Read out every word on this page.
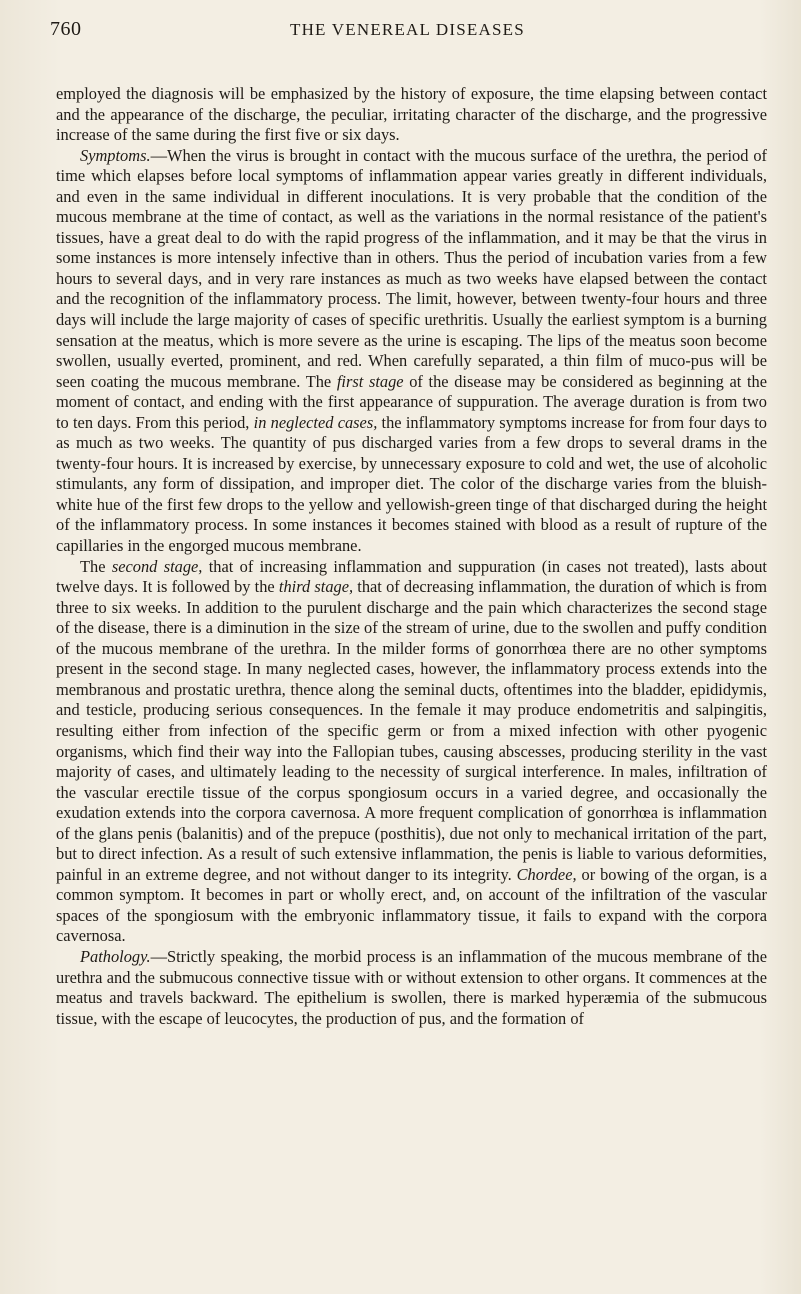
760	THE VENEREAL DISEASES

employed the diagnosis will be emphasized by the history of exposure, the time elapsing between contact and the appearance of the discharge, the peculiar, irritating character of the discharge, and the progressive increase of the same during the first five or six days.

Symptoms.—When the virus is brought in contact with the mucous surface of the urethra, the period of time which elapses before local symptoms of inflammation appear varies greatly in different individuals, and even in the same individual in different inoculations. It is very probable that the condition of the mucous membrane at the time of contact, as well as the variations in the normal resistance of the patient's tissues, have a great deal to do with the rapid progress of the inflammation, and it may be that the virus in some instances is more intensely infective than in others. Thus the period of incubation varies from a few hours to several days, and in very rare instances as much as two weeks have elapsed between the contact and the recognition of the inflammatory process. The limit, however, between twenty-four hours and three days will include the large majority of cases of specific urethritis. Usually the earliest symptom is a burning sensation at the meatus, which is more severe as the urine is escaping. The lips of the meatus soon become swollen, usually everted, prominent, and red. When carefully separated, a thin film of muco-pus will be seen coating the mucous membrane. The first stage of the disease may be considered as beginning at the moment of contact, and ending with the first appearance of suppuration. The average duration is from two to ten days. From this period, in neglected cases, the inflammatory symptoms increase for from four days to as much as two weeks. The quantity of pus discharged varies from a few drops to several drams in the twenty-four hours. It is increased by exercise, by unnecessary exposure to cold and wet, the use of alcoholic stimulants, any form of dissipation, and improper diet. The color of the discharge varies from the bluish-white hue of the first few drops to the yellow and yellowish-green tinge of that discharged during the height of the inflammatory process. In some instances it becomes stained with blood as a result of rupture of the capillaries in the engorged mucous membrane.

The second stage, that of increasing inflammation and suppuration (in cases not treated), lasts about twelve days. It is followed by the third stage, that of decreasing inflammation, the duration of which is from three to six weeks. In addition to the purulent discharge and the pain which characterizes the second stage of the disease, there is a diminution in the size of the stream of urine, due to the swollen and puffy condition of the mucous membrane of the urethra. In the milder forms of gonorrhœa there are no other symptoms present in the second stage. In many neglected cases, however, the inflammatory process extends into the membranous and prostatic urethra, thence along the seminal ducts, oftentimes into the bladder, epididymis, and testicle, producing serious consequences. In the female it may produce endometritis and salpingitis, resulting either from infection of the specific germ or from a mixed infection with other pyogenic organisms, which find their way into the Fallopian tubes, causing abscesses, producing sterility in the vast majority of cases, and ultimately leading to the necessity of surgical interference. In males, infiltration of the vascular erectile tissue of the corpus spongiosum occurs in a varied degree, and occasionally the exudation extends into the corpora cavernosa. A more frequent complication of gonorrhœa is inflammation of the glans penis (balanitis) and of the prepuce (posthitis), due not only to mechanical irritation of the part, but to direct infection. As a result of such extensive inflammation, the penis is liable to various deformities, painful in an extreme degree, and not without danger to its integrity. Chordee, or bowing of the organ, is a common symptom. It becomes in part or wholly erect, and, on account of the infiltration of the vascular spaces of the spongiosum with the embryonic inflammatory tissue, it fails to expand with the corpora cavernosa.

Pathology.—Strictly speaking, the morbid process is an inflammation of the mucous membrane of the urethra and the submucous connective tissue with or without extension to other organs. It commences at the meatus and travels backward. The epithelium is swollen, there is marked hyperæmia of the submucous tissue, with the escape of leucocytes, the production of pus, and the formation of
